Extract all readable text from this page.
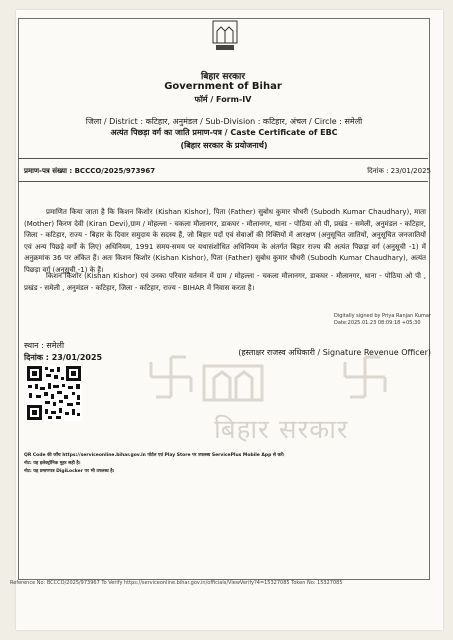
बिहार सरकार
बिहार सरकार
Government of Bihar
फॉर्म / Form-IV
जिला / District : कटिहार, अनुमंडल / Sub-Division : कटिहार, अंचल / Circle : समेली
अत्यंत पिछड़ा वर्ग का जाति प्रमाण-पत्र / Caste Certificate of EBC
(बिहार सरकार के प्रयोजनार्थ)
प्रमाण-पत्र संख्या : BCCCO/2025/973967	दिनांक : 23/01/2025

प्रमाणित किया जाता है कि किशन किशोर (Kishan Kishor), पिता (Father) सुबोध कुमार चौधरी (Subodh Kumar Chaudhary), माता (Mother) किरण देवी (Kiran Devi),ग्राम / मोहल्ला - चकला मौलानगर, डाकघर - मौलानगर, थाना - पोठिया ओ पी, प्रखंड - समेली, अनुमंडल - कटिहार, जिला - कटिहार, राज्य - बिहार के दिवार समुदाय के सदस्य हैं, जो बिहार पदों एवं सेवाओं की रिक्तियों में आरक्षण (अनुसूचित जातियों, अनुसूचित जनजातियों एवं अन्य पिछड़े वर्गों के लिए) अधिनियम, 1991 समय-समय पर यथासंशोधित अधिनियम के अंतर्गत बिहार राज्य की अत्यंत पिछड़ा वर्ग (अनुसूची -1) में अनुक्रमांक 36 पर अंकित हैं। अतः किशन किशोर (Kishan Kishor), पिता (Father) सुबोध कुमार चौधरी (Subodh Kumar Chaudhary), अत्यंत पिछड़ा वर्ग (अनुसूची -1) के हैं।

किशन किशोर (Kishan Kishor) एवं उनका परिवार वर्तमान में ग्राम / मोहल्ला - चकला मौलानगर, डाकघर - मौलानगर, थाना - पोठिया ओ पी , प्रखंड - समेली , अनुमंडल - कटिहार, जिला - कटिहार, राज्य - BIHAR में निवास करता है।

Digitally signed by Priya Ranjan Kumar
Date:2025.01.23 08:09:18 +05:30
स्थान : समेली
दिनांक : 23/01/2025
(हस्ताक्षर राजस्व अधिकारी / Signature Revenue Officer)
QR Code की जाँच https://serviceonline.bihar.gov.in पोर्टल एवं Play Store पर उपलब्ध ServicePlus Mobile App से करें।
नोट: यह इलेक्ट्रॉनिक मुहर सही है।
नोट: यह प्रमाणपत्र DigiLocker पर भी उपलब्ध है।
Reference No: BCCCO/2025/973967 To Verify https://serviceonline.bihar.gov.in/officials/ViewVerify?4=15327085 Token No: 15327085
